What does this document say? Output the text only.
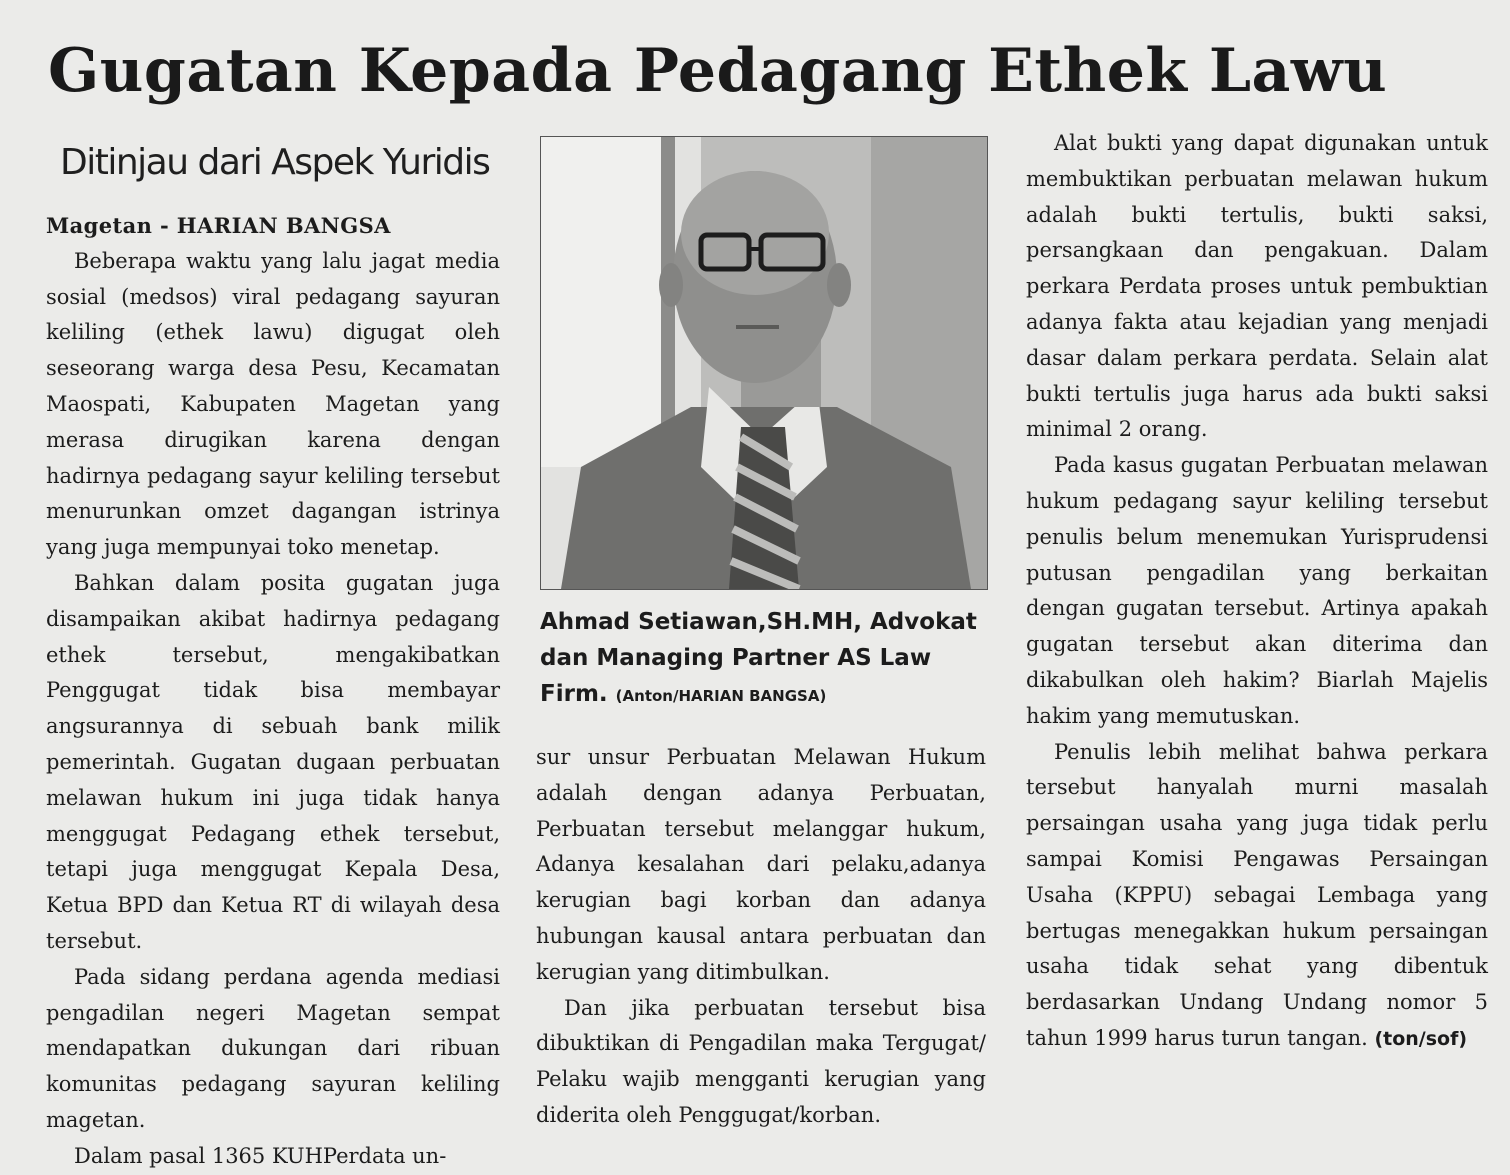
Gugatan Kepada Pedagang Ethek Lawu
Ditinjau dari Aspek Yuridis

Magetan - HARIAN BANGSA

Beberapa waktu yang lalu jagat media sosial (medsos) viral pedagang sayuran keliling (ethek lawu) digugat oleh seseorang warga desa Pesu, Kecamatan Maospati, Kabupaten Magetan yang merasa dirugikan karena dengan hadirnya pedagang sayur keliling tersebut menurunkan omzet dagangan istrinya yang juga mempunyai toko menetap.

Bahkan dalam posita gugatan juga disampaikan akibat hadirnya pedagang ethek tersebut, mengakibatkan Penggugat tidak bisa membayar angsurannya di sebuah bank milik pemerintah. Gugatan dugaan perbuatan melawan hukum ini juga tidak hanya menggugat Pedagang ethek tersebut, tetapi juga menggugat Kepala Desa, Ketua BPD dan Ketua RT di wilayah desa tersebut.

Pada sidang perdana agenda mediasi pengadilan negeri Magetan sempat mendapatkan dukungan dari ribuan komunitas pedagang sayuran keliling magetan.

Dalam pasal 1365 KUHPerdata un-

Ahmad Setiawan,SH.MH, Advokat dan Managing Partner AS Law Firm. (Anton/HARIAN BANGSA)

sur unsur Perbuatan Melawan Hukum adalah dengan adanya Perbuatan, Perbuatan tersebut melanggar hukum, Adanya kesalahan dari pelaku,adanya kerugian bagi korban dan adanya hubungan kausal antara perbuatan dan kerugian yang ditimbulkan.

Dan jika perbuatan tersebut bisa dibuktikan di Pengadilan maka Tergugat/ Pelaku wajib mengganti kerugian yang diderita oleh Penggugat/korban.

Alat bukti yang dapat digunakan untuk membuktikan perbuatan melawan hukum adalah bukti tertulis, bukti saksi, persangkaan dan pengakuan. Dalam perkara Perdata proses untuk pembuktian adanya fakta atau kejadian yang menjadi dasar dalam perkara perdata. Selain alat bukti tertulis juga harus ada bukti saksi minimal 2 orang.

Pada kasus gugatan Perbuatan melawan hukum pedagang sayur keliling tersebut penulis belum menemukan Yurisprudensi putusan pengadilan yang berkaitan dengan gugatan tersebut. Artinya apakah gugatan tersebut akan diterima dan dikabulkan oleh hakim? Biarlah Majelis hakim yang memutuskan.

Penulis lebih melihat bahwa perkara tersebut hanyalah murni masalah persaingan usaha yang juga tidak perlu sampai Komisi Pengawas Persaingan Usaha (KPPU) sebagai Lembaga yang bertugas menegakkan hukum persaingan usaha tidak sehat yang dibentuk berdasarkan Undang Undang nomor 5 tahun 1999 harus turun tangan. (ton/sof)
